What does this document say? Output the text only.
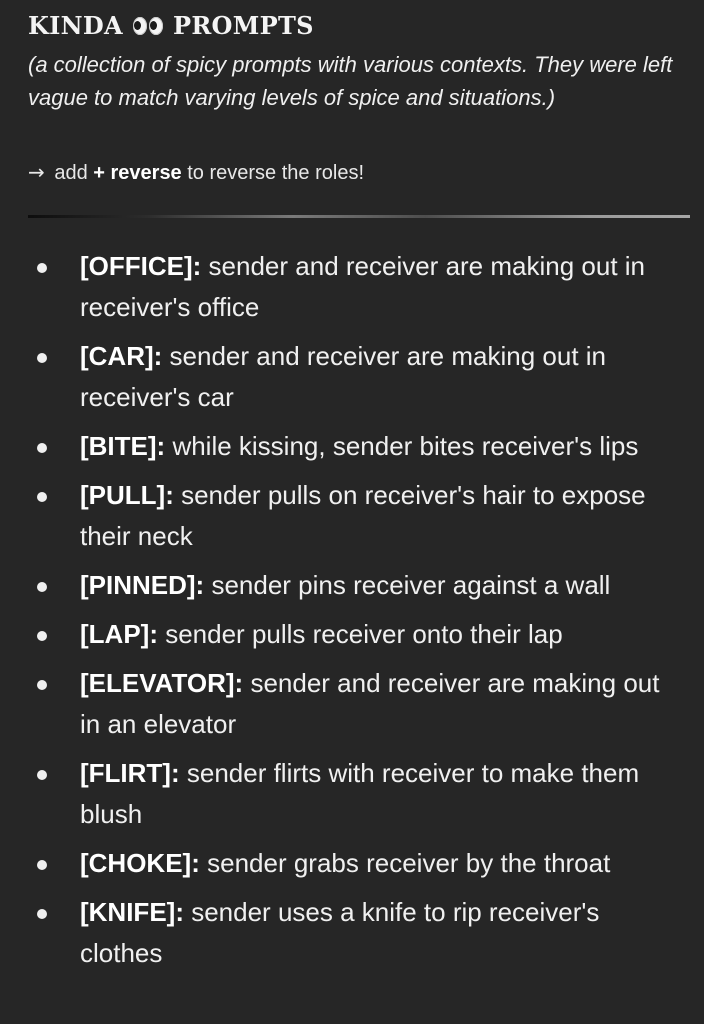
KINDA PROMPTS
(a collection of spicy prompts with various contexts. They were left vague to match varying levels of spice and situations.)
→ add + reverse to reverse the roles!
[OFFICE]: sender and receiver are making out in receiver's office
[CAR]: sender and receiver are making out in receiver's car
[BITE]: while kissing, sender bites receiver's lips
[PULL]: sender pulls on receiver's hair to expose their neck
[PINNED]: sender pins receiver against a wall
[LAP]: sender pulls receiver onto their lap
[ELEVATOR]: sender and receiver are making out in an elevator
[FLIRT]: sender flirts with receiver to make them blush
[CHOKE]: sender grabs receiver by the throat
[KNIFE]: sender uses a knife to rip receiver's clothes
